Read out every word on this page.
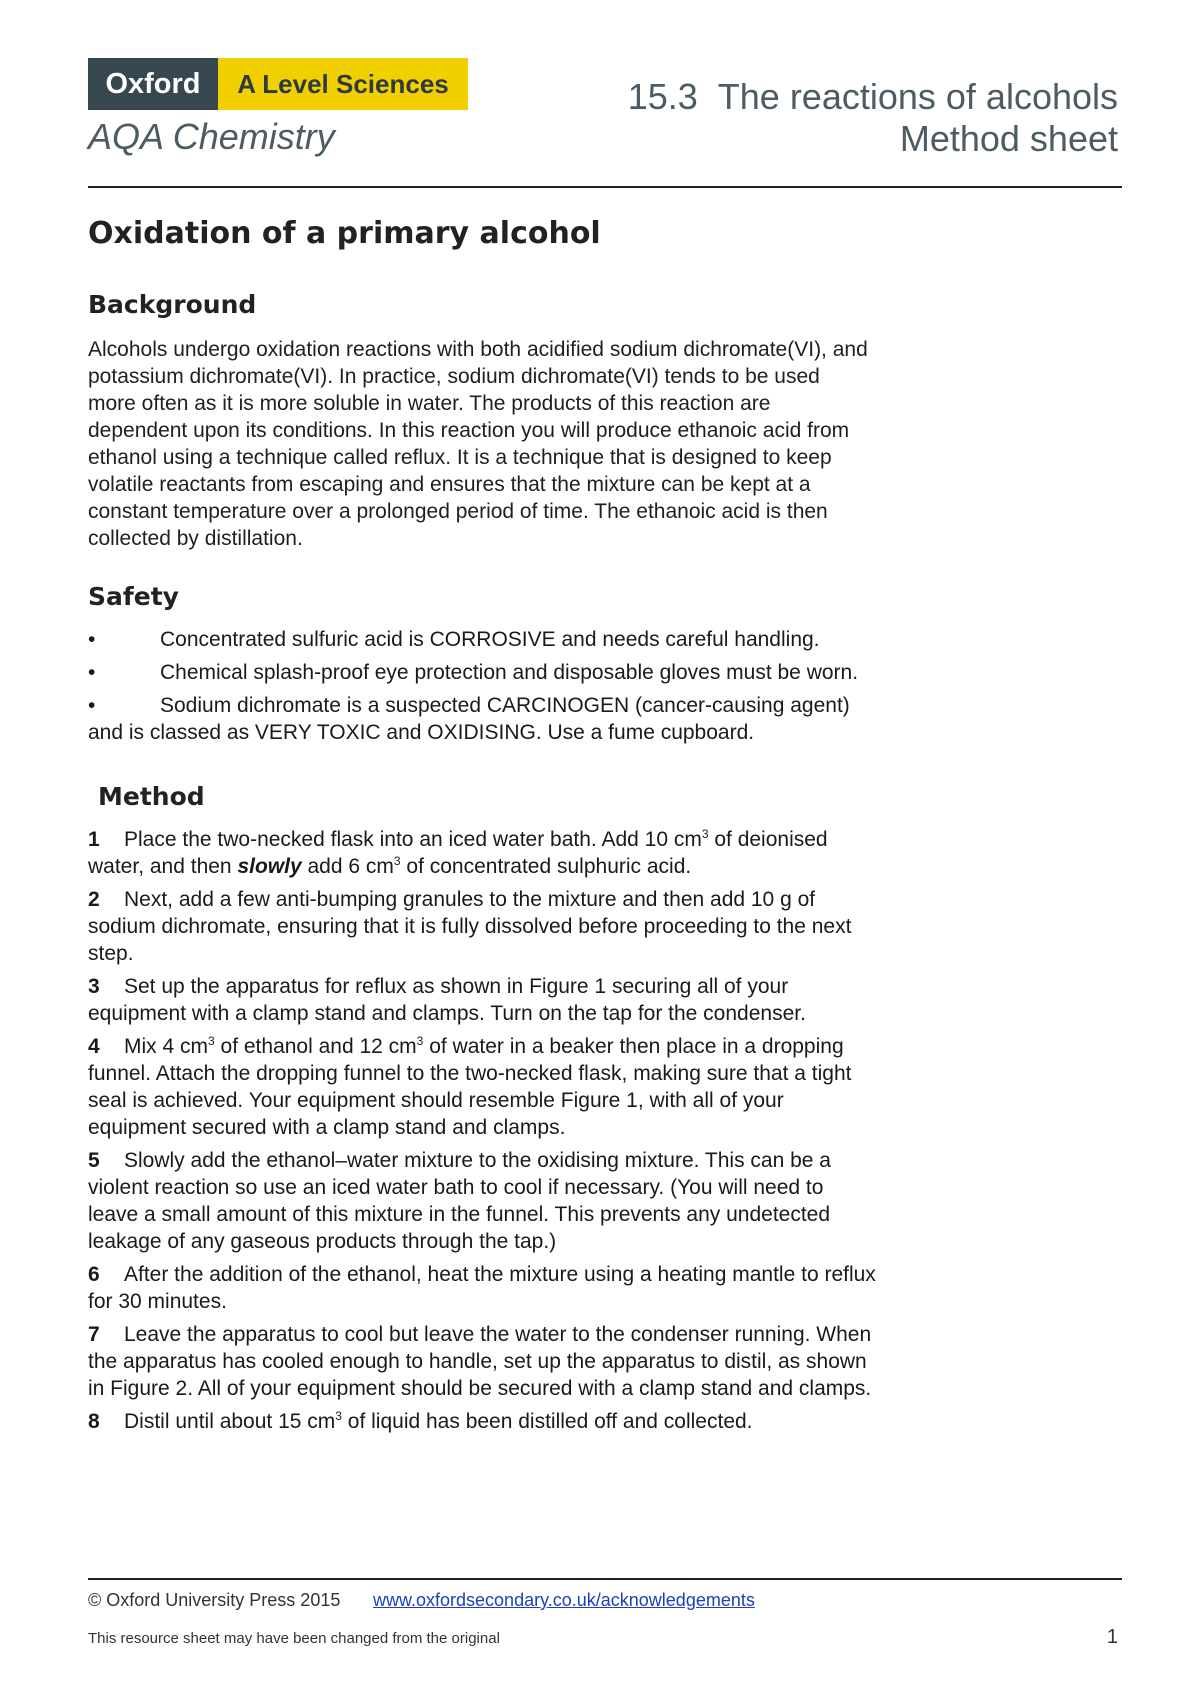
Oxford	A Level Sciences
AQA Chemistry
15.3 The reactions of alcohols
Method sheet
Oxidation of a primary alcohol
Background
Alcohols undergo oxidation reactions with both acidified sodium dichromate(VI), and
potassium dichromate(VI). In practice, sodium dichromate(VI) tends to be used
more often as it is more soluble in water. The products of this reaction are
dependent upon its conditions. In this reaction you will produce ethanoic acid from
ethanol using a technique called reflux. It is a technique that is designed to keep
volatile reactants from escaping and ensures that the mixture can be kept at a
constant temperature over a prolonged period of time. The ethanoic acid is then
collected by distillation.
Safety
•	Concentrated sulfuric acid is CORROSIVE and needs careful handling.
•	Chemical splash-proof eye protection and disposable gloves must be worn.
•	Sodium dichromate is a suspected CARCINOGEN (cancer-causing agent)
and is classed as VERY TOXIC and OXIDISING. Use a fume cupboard.
Method
1 Place the two-necked flask into an iced water bath. Add 10 $cm^3$ of deionised
water, and then slowly add 6 $cm^3$ of concentrated sulphuric acid.
2 Next, add a few anti-bumping granules to the mixture and then add 10 g of
sodium dichromate, ensuring that it is fully dissolved before proceeding to the next
step.
3 Set up the apparatus for reflux as shown in Figure 1 securing all of your
equipment with a clamp stand and clamps. Turn on the tap for the condenser.
4 Mix 4 $cm^3$ of ethanol and 12 $cm^3$ of water in a beaker then place in a dropping
funnel. Attach the dropping funnel to the two-necked flask, making sure that a tight
seal is achieved. Your equipment should resemble Figure 1, with all of your
equipment secured with a clamp stand and clamps.
5 Slowly add the ethanol–water mixture to the oxidising mixture. This can be a
violent reaction so use an iced water bath to cool if necessary. (You will need to
leave a small amount of this mixture in the funnel. This prevents any undetected
leakage of any gaseous products through the tap.)
6 After the addition of the ethanol, heat the mixture using a heating mantle to reflux
for 30 minutes.
7 Leave the apparatus to cool but leave the water to the condenser running. When
the apparatus has cooled enough to handle, set up the apparatus to distil, as shown
in Figure 2. All of your equipment should be secured with a clamp stand and clamps.
8 Distil until about 15 $cm^3$ of liquid has been distilled off and collected.
© Oxford University Press 2015 www.oxfordsecondary.co.uk/acknowledgements
This resource sheet may have been changed from the original	1
